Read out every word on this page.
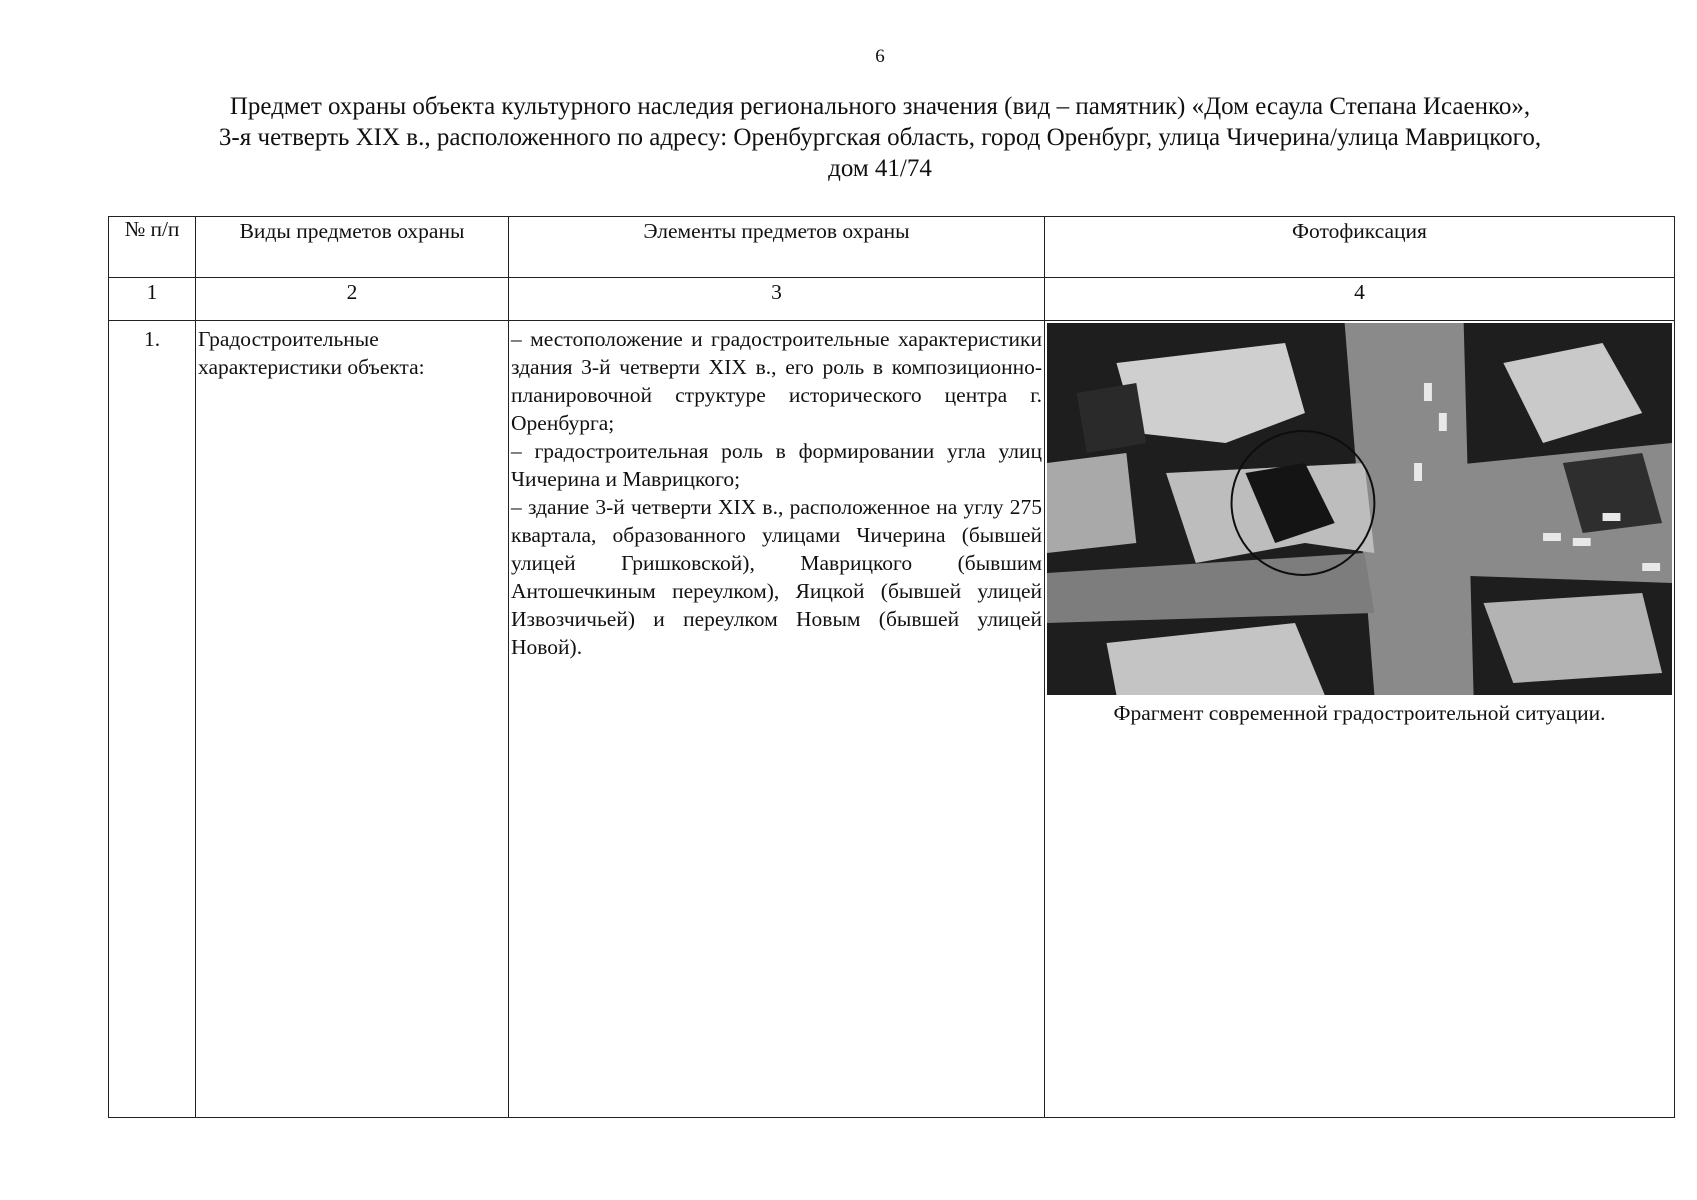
6
Предмет охраны объекта культурного наследия регионального значения (вид – памятник) «Дом есаула Степана Исаенко»,
3-я четверть XIX в., расположенного по адресу: Оренбургская область, город Оренбург, улица Чичерина/улица Маврицкого,
дом 41/74
№ п/п	Виды предметов охраны	Элементы предметов охраны	Фотофиксация
1	2	3	4
1.	Градостроительные характеристики объекта:	– местоположение и градостроительные характеристики здания 3-й четверти XIX в., его роль в композиционно-планировочной структуре исторического центра г. Оренбурга;

– градостроительная роль в формировании угла улиц Чичерина и Маврицкого;

– здание 3-й четверти XIX в., расположенное на углу 275 квартала, образованного улицами Чичерина (бывшей улицей Гришковской), Маврицкого (бывшим Антошечкиным переулком), Яицкой (бывшей улицей Извозчичьей) и переулком Новым (бывшей улицей Новой).	Фрагмент современной градостроительной ситуации.
